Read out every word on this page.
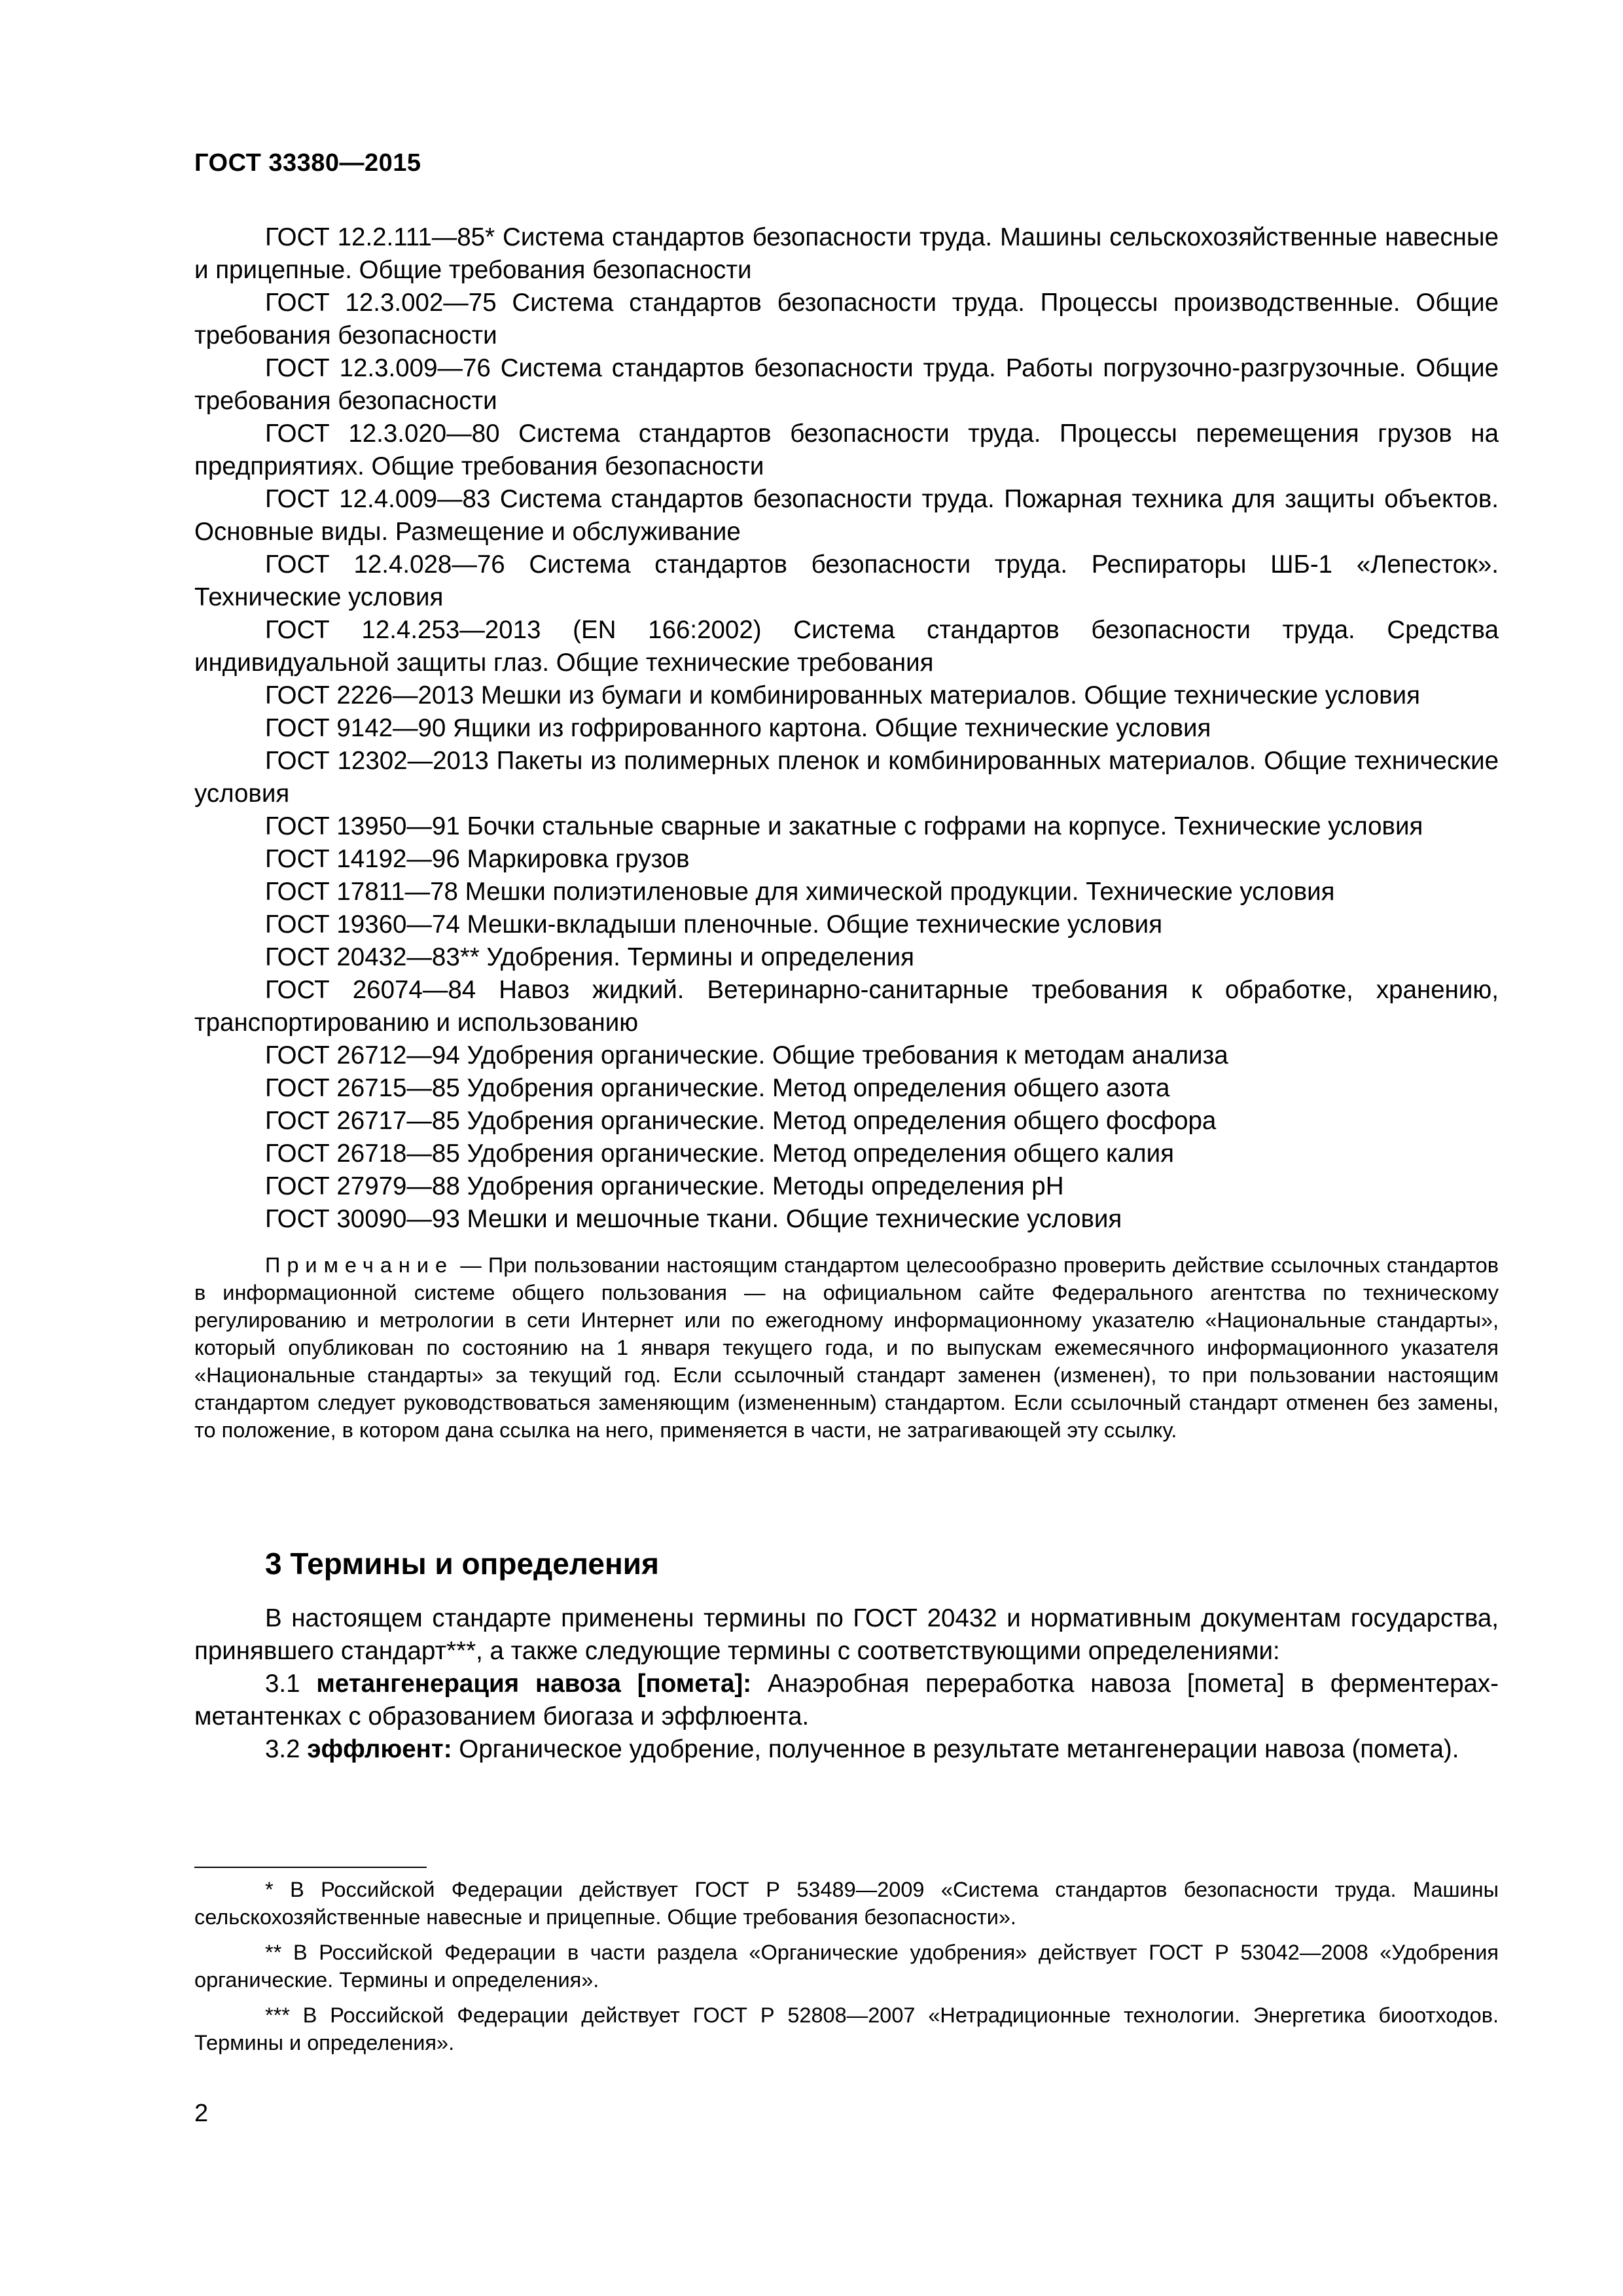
ГОСТ 33380—2015

ГОСТ 12.2.111—85* Система стандартов безопасности труда. Машины сельскохозяйственные навесные и прицепные. Общие требования безопасности

ГОСТ 12.3.002—75 Система стандартов безопасности труда. Процессы производственные. Общие требования безопасности

ГОСТ 12.3.009—76 Система стандартов безопасности труда. Работы погрузочно-разгрузочные. Общие требования безопасности

ГОСТ 12.3.020—80 Система стандартов безопасности труда. Процессы перемещения грузов на предприятиях. Общие требования безопасности

ГОСТ 12.4.009—83 Система стандартов безопасности труда. Пожарная техника для защиты объектов. Основные виды. Размещение и обслуживание

ГОСТ 12.4.028—76 Система стандартов безопасности труда. Респираторы ШБ-1 «Лепесток». Технические условия

ГОСТ 12.4.253—2013 (EN 166:2002) Система стандартов безопасности труда. Средства индивидуальной защиты глаз. Общие технические требования

ГОСТ 2226—2013 Мешки из бумаги и комбинированных материалов. Общие технические условия

ГОСТ 9142—90 Ящики из гофрированного картона. Общие технические условия

ГОСТ 12302—2013 Пакеты из полимерных пленок и комбинированных материалов. Общие технические условия

ГОСТ 13950—91 Бочки стальные сварные и закатные с гофрами на корпусе. Технические условия

ГОСТ 14192—96 Маркировка грузов

ГОСТ 17811—78 Мешки полиэтиленовые для химической продукции. Технические условия

ГОСТ 19360—74 Мешки-вкладыши пленочные. Общие технические условия

ГОСТ 20432—83** Удобрения. Термины и определения

ГОСТ 26074—84 Навоз жидкий. Ветеринарно-санитарные требования к обработке, хранению, транспортированию и использованию

ГОСТ 26712—94 Удобрения органические. Общие требования к методам анализа

ГОСТ 26715—85 Удобрения органические. Метод определения общего азота

ГОСТ 26717—85 Удобрения органические. Метод определения общего фосфора

ГОСТ 26718—85 Удобрения органические. Метод определения общего калия

ГОСТ 27979—88 Удобрения органические. Методы определения pH

ГОСТ 30090—93 Мешки и мешочные ткани. Общие технические условия

Примечание — При пользовании настоящим стандартом целесообразно проверить действие ссылочных стандартов в информационной системе общего пользования — на официальном сайте Федерального агентства по техническому регулированию и метрологии в сети Интернет или по ежегодному информационному указателю «Национальные стандарты», который опубликован по состоянию на 1 января текущего года, и по выпускам ежемесячного информационного указателя «Национальные стандарты» за текущий год. Если ссылочный стандарт заменен (изменен), то при пользовании настоящим стандартом следует руководствоваться заменяющим (измененным) стандартом. Если ссылочный стандарт отменен без замены, то положение, в котором дана ссылка на него, применяется в части, не затрагивающей эту ссылку.
3 Термины и определения

В настоящем стандарте применены термины по ГОСТ 20432 и нормативным документам государства, принявшего стандарт***, а также следующие термины с соответствующими определениями:

3.1 метангенерация навоза [помета]: Анаэробная переработка навоза [помета] в ферментерах-метантенках с образованием биогаза и эффлюента.

3.2 эффлюент: Органическое удобрение, полученное в результате метангенерации навоза (помета).

* В Российской Федерации действует ГОСТ Р 53489—2009 «Система стандартов безопасности труда. Машины сельскохозяйственные навесные и прицепные. Общие требования безопасности».

** В Российской Федерации в части раздела «Органические удобрения» действует ГОСТ Р 53042—2008 «Удобрения органические. Термины и определения».

*** В Российской Федерации действует ГОСТ Р 52808—2007 «Нетрадиционные технологии. Энергетика биоотходов. Термины и определения».

2
